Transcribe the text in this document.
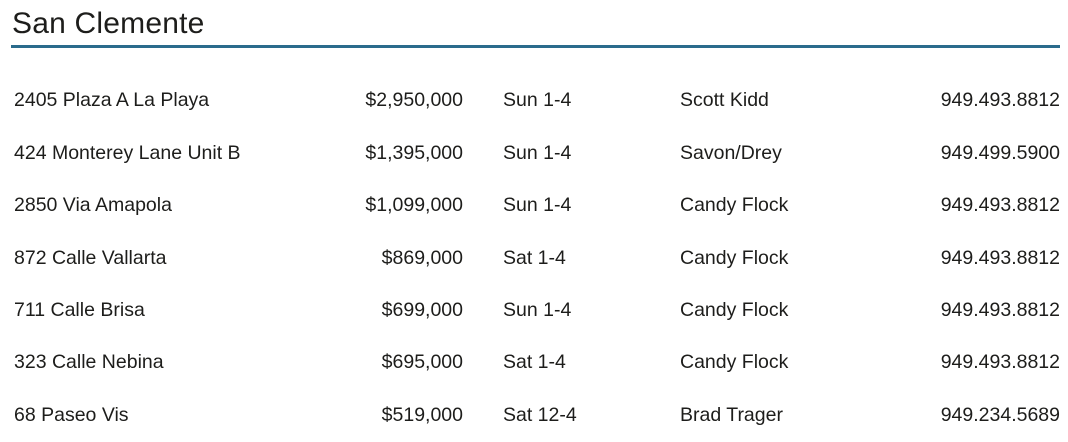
San Clemente
2405 Plaza A La Playa	$2,950,000	Sun 1-4	Scott Kidd	949.493.8812
424 Monterey Lane Unit B	$1,395,000	Sun 1-4	Savon/Drey	949.499.5900
2850 Via Amapola	$1,099,000	Sun 1-4	Candy Flock	949.493.8812
872 Calle Vallarta	$869,000	Sat 1-4	Candy Flock	949.493.8812
711 Calle Brisa	$699,000	Sun 1-4	Candy Flock	949.493.8812
323 Calle Nebina	$695,000	Sat 1-4	Candy Flock	949.493.8812
68 Paseo Vis	$519,000	Sat 12-4	Brad Trager	949.234.5689
